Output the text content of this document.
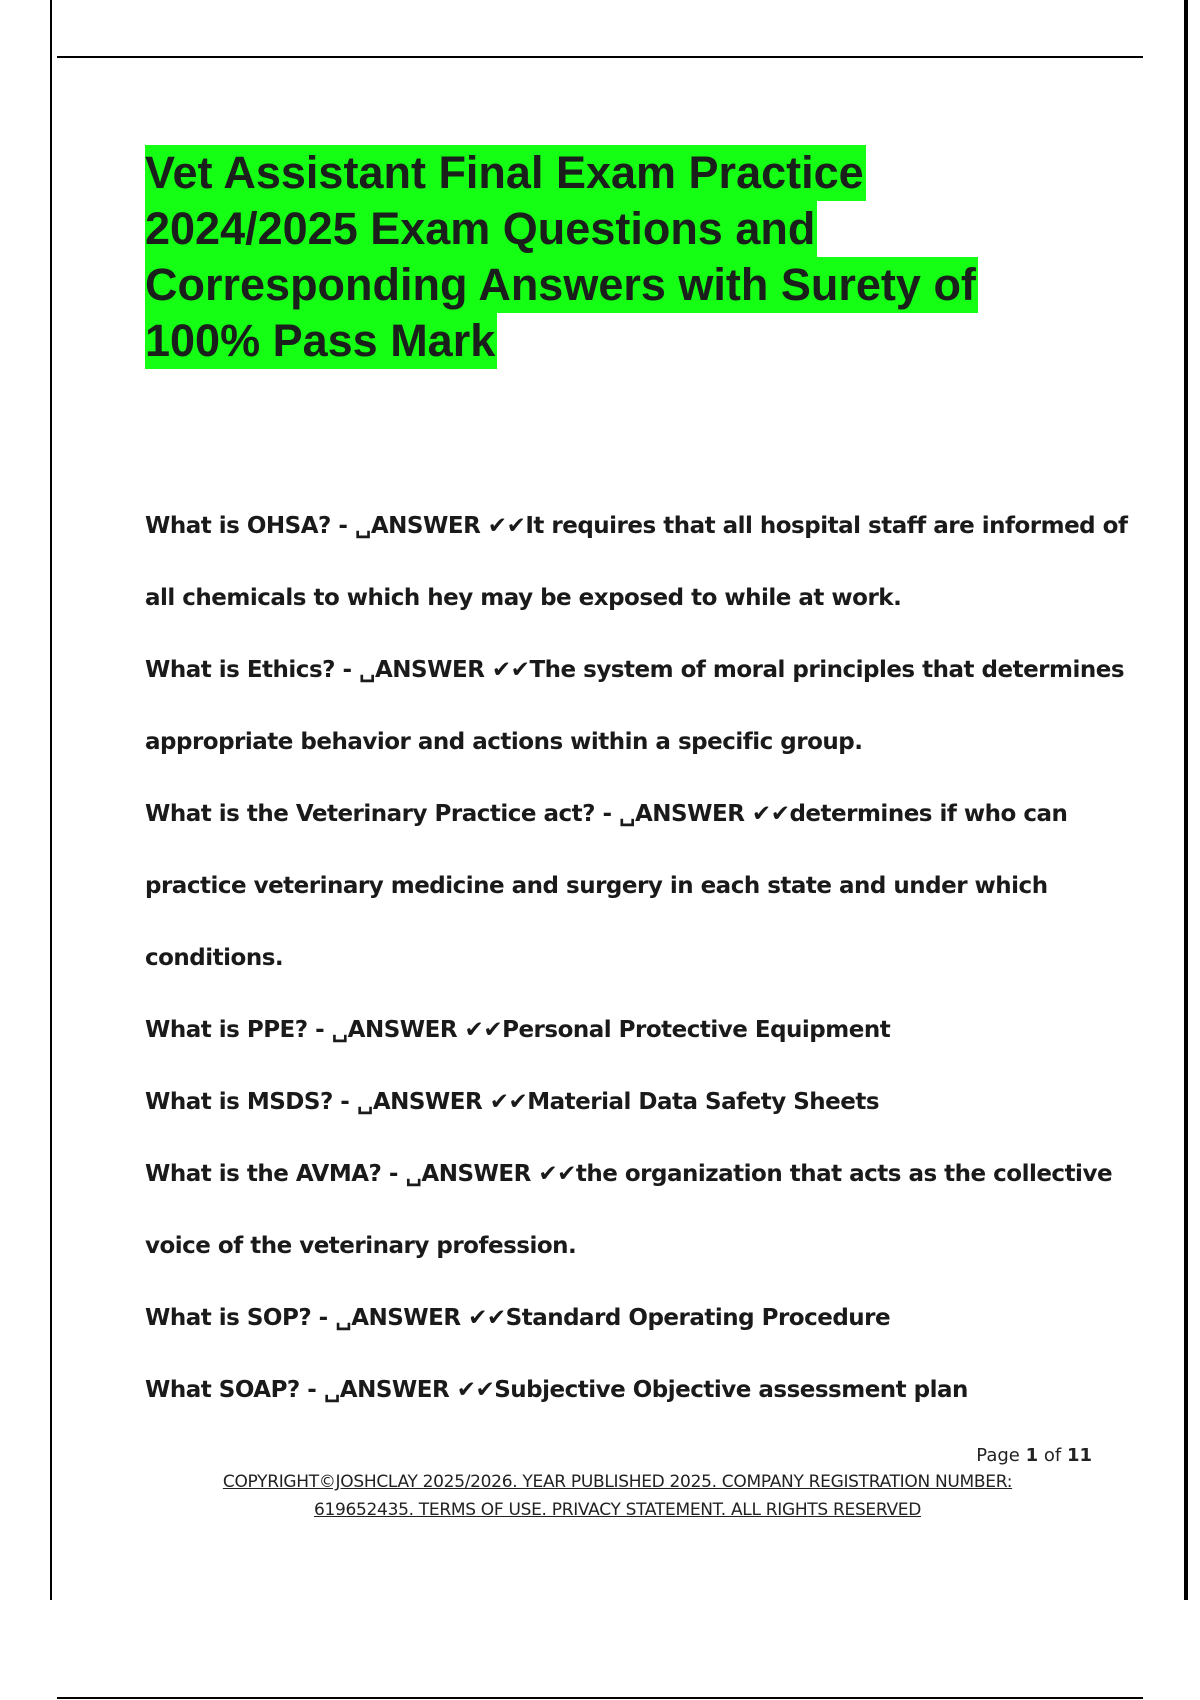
Vet Assistant Final Exam Practice
2024/2025 Exam Questions and
Corresponding Answers with Surety of
100% Pass Mark
What is OHSA? - ␣ANSWER ✔✔It requires that all hospital staff are informed of
all chemicals to which hey may be exposed to while at work.
What is Ethics? - ␣ANSWER ✔✔The system of moral principles that determines
appropriate behavior and actions within a specific group.
What is the Veterinary Practice act? - ␣ANSWER ✔✔determines if who can
practice veterinary medicine and surgery in each state and under which
conditions.
What is PPE? - ␣ANSWER ✔✔Personal Protective Equipment
What is MSDS? - ␣ANSWER ✔✔Material Data Safety Sheets
What is the AVMA? - ␣ANSWER ✔✔the organization that acts as the collective
voice of the veterinary profession.
What is SOP? - ␣ANSWER ✔✔Standard Operating Procedure
What SOAP? - ␣ANSWER ✔✔Subjective Objective assessment plan
Page 1 of 11
COPYRIGHT©JOSHCLAY 2025/2026. YEAR PUBLISHED 2025. COMPANY REGISTRATION NUMBER:
619652435. TERMS OF USE. PRIVACY STATEMENT. ALL RIGHTS RESERVED
